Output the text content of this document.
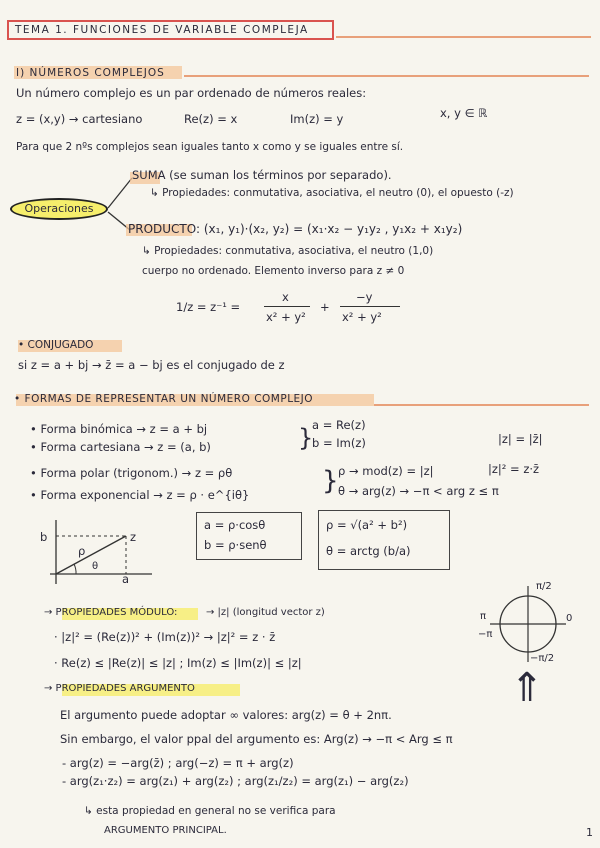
TEMA 1. FUNCIONES DE VARIABLE COMPLEJA
I) NÚMEROS COMPLEJOS
Un número complejo es un par ordenado de números reales:
z = (x,y) → cartesiano	Re(z) = x	Im(z) = y	x, y ∈ ℝ
Para que 2 nºs complejos sean iguales tanto x como y se iguales entre sí.
Operaciones
SUMA (se suman los términos por separado).
↳ Propiedades: conmutativa, asociativa, el neutro (0), el opuesto (-z)
PRODUCTO: (x₁, y₁)·(x₂, y₂) = (x₁·x₂ − y₁y₂ , y₁x₂ + x₁y₂)
↳ Propiedades: conmutativa, asociativa, el neutro (1,0)
cuerpo no ordenado. Elemento inverso para z ≠ 0
1/z = z⁻¹ =
x
x² + y²
+
−y
x² + y²
• CONJUGADO
si z = a + bj → z̄ = a − bj es el conjugado de z
• FORMAS DE REPRESENTAR UN NÚMERO COMPLEJO
• Forma binómica → z = a + bj
• Forma cartesiana → z = (a, b)	}
a = Re(z)
b = Im(z)	|z| = |z̄|
• Forma polar (trigonom.) → z = ρθ
• Forma exponencial → z = ρ · e^{iθ}	} ρ → mod(z) = |z|	|z|² = z·z̄
θ → arg(z) → −π < arg z ≤ π
b
a
z
ρ
θ
a = ρ·cosθ
b = ρ·senθ
ρ = √(a² + b²)
θ = arctg (b/a)
→ PROPIEDADES MÓDULO:	→ |z| (longitud vector z)
· |z|² = (Re(z))² + (Im(z))² → |z|² = z · z̄
· Re(z) ≤ |Re(z)| ≤ |z| ; Im(z) ≤ |Im(z)| ≤ |z|
π/2
π	0
−π
−π/2
⇑
→ PROPIEDADES ARGUMENTO
El argumento puede adoptar ∞ valores: arg(z) = θ + 2nπ.
Sin embargo, el valor ppal del argumento es: Arg(z) → −π < Arg ≤ π
- arg(z) = −arg(z̄) ; arg(−z) = π + arg(z)
- arg(z₁·z₂) = arg(z₁) + arg(z₂) ; arg(z₁/z₂) = arg(z₁) − arg(z₂)
↳ esta propiedad en general no se verifica para
ARGUMENTO PRINCIPAL.	1
